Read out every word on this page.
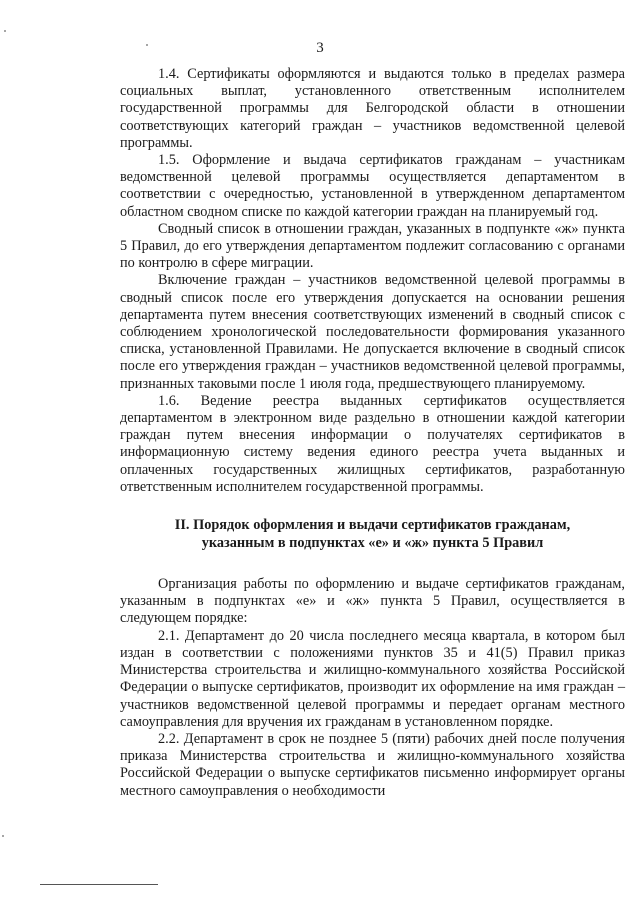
3

1.4. Сертификаты оформляются и выдаются только в пределах размера социальных выплат, установленного ответственным исполнителем государственной программы для Белгородской области в отношении соответствующих категорий граждан – участников ведомственной целевой программы.

1.5. Оформление и выдача сертификатов гражданам – участникам ведомственной целевой программы осуществляется департаментом в соответствии с очередностью, установленной в утвержденном департаментом областном сводном списке по каждой категории граждан на планируемый год.

Сводный список в отношении граждан, указанных в подпункте «ж» пункта 5 Правил, до его утверждения департаментом подлежит согласованию с органами по контролю в сфере миграции.

Включение граждан – участников ведомственной целевой программы в сводный список после его утверждения допускается на основании решения департамента путем внесения соответствующих изменений в сводный список с соблюдением хронологической последовательности формирования указанного списка, установленной Правилами. Не допускается включение в сводный список после его утверждения граждан – участников ведомственной целевой программы, признанных таковыми после 1 июля года, предшествующего планируемому.

1.6. Ведение реестра выданных сертификатов осуществляется департаментом в электронном виде раздельно в отношении каждой категории граждан путем внесения информации о получателях сертификатов в информационную систему ведения единого реестра учета выданных и оплаченных государственных жилищных сертификатов, разработанную ответственным исполнителем государственной программы.

II. Порядок оформления и выдачи сертификатов гражданам,
указанным в подпунктах «е» и «ж» пункта 5 Правил

Организация работы по оформлению и выдаче сертификатов гражданам, указанным в подпунктах «е» и «ж» пункта 5 Правил, осуществляется в следующем порядке:

2.1. Департамент до 20 числа последнего месяца квартала, в котором был издан в соответствии с положениями пунктов 35 и 41(5) Правил приказ Министерства строительства и жилищно-коммунального хозяйства Российской Федерации о выпуске сертификатов, производит их оформление на имя граждан – участников ведомственной целевой программы и передает органам местного самоуправления для вручения их гражданам в установленном порядке.

2.2. Департамент в срок не позднее 5 (пяти) рабочих дней после получения приказа Министерства строительства и жилищно-коммунального хозяйства Российской Федерации о выпуске сертификатов письменно информирует органы местного самоуправления о необходимости
